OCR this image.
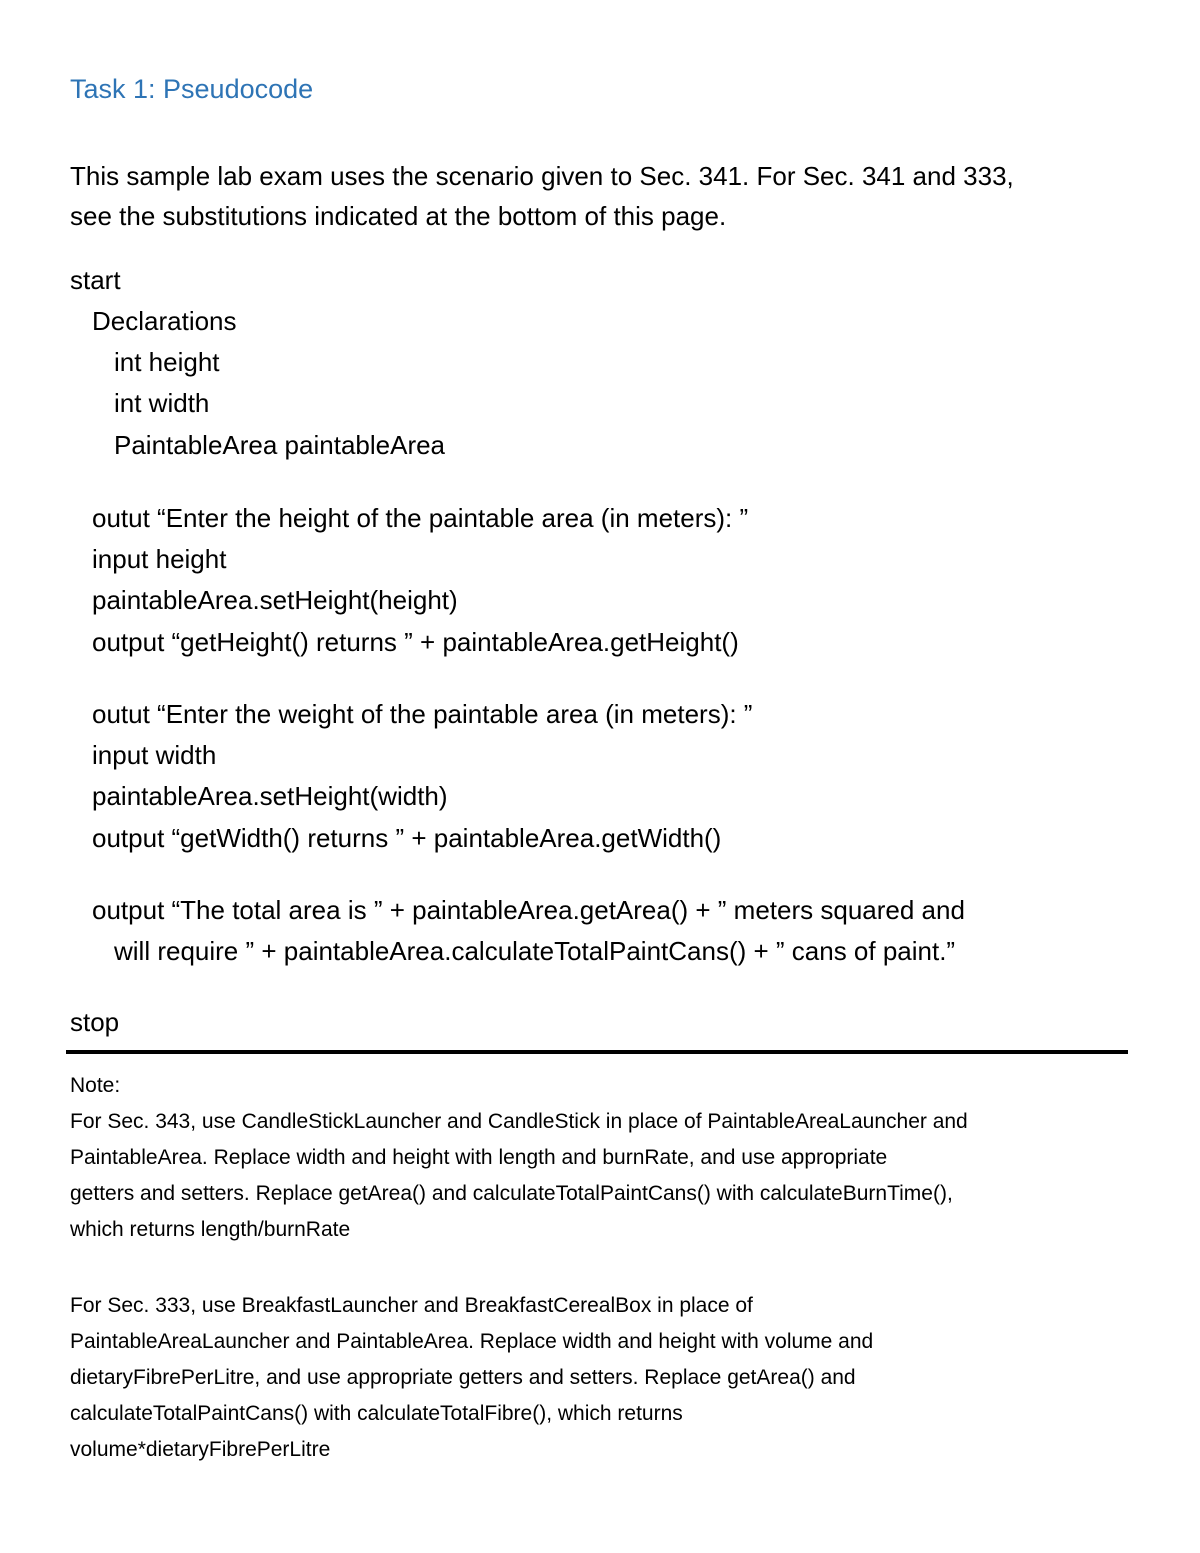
Task 1: Pseudocode
This sample lab exam uses the scenario given to Sec. 341. For Sec. 341 and 333,
see the substitutions indicated at the bottom of this page.
start
Declarations
int height
int width
PaintableArea paintableArea
outut “Enter the height of the paintable area (in meters): ”
input height
paintableArea.setHeight(height)
output “getHeight() returns ” + paintableArea.getHeight()
outut “Enter the weight of the paintable area (in meters): ”
input width
paintableArea.setHeight(width)
output “getWidth() returns ” + paintableArea.getWidth()
output “The total area is ” + paintableArea.getArea() + ” meters squared and
will require ” + paintableArea.calculateTotalPaintCans() + ” cans of paint.”
stop
Note:
For Sec. 343, use CandleStickLauncher and CandleStick in place of PaintableAreaLauncher and
PaintableArea. Replace width and height with length and burnRate, and use appropriate
getters and setters. Replace getArea() and calculateTotalPaintCans() with calculateBurnTime(),
which returns length/burnRate
For Sec. 333, use BreakfastLauncher and BreakfastCerealBox in place of
PaintableAreaLauncher and PaintableArea. Replace width and height with volume and
dietaryFibrePerLitre, and use appropriate getters and setters. Replace getArea() and
calculateTotalPaintCans() with calculateTotalFibre(), which returns
volume*dietaryFibrePerLitre
